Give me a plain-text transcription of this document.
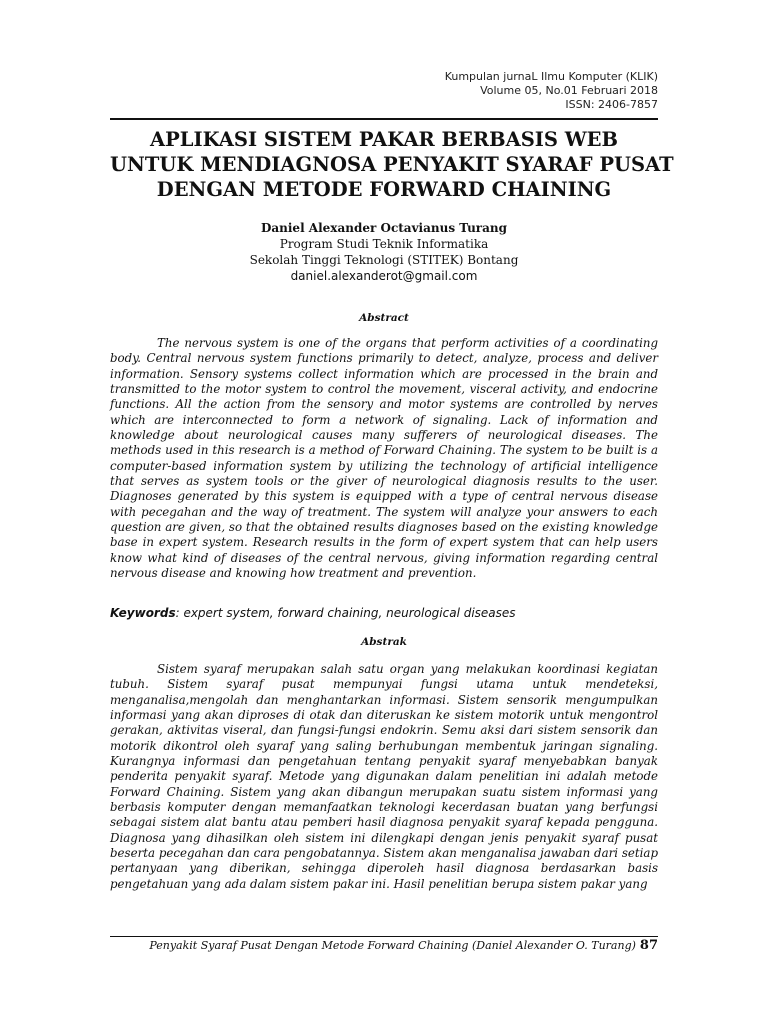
Kumpulan jurnaL Ilmu Komputer (KLIK)
Volume 05, No.01 Februari 2018
ISSN: 2406-7857
APLIKASI SISTEM PAKAR BERBASIS WEB
UNTUK MENDIAGNOSA PENYAKIT SYARAF PUSAT
DENGAN METODE FORWARD CHAINING
Daniel Alexander Octavianus Turang
Program Studi Teknik Informatika
Sekolah Tinggi Teknologi (STITEK) Bontang
daniel.alexanderot@gmail.com
Abstract
The nervous system is one of the organs that perform activities of a coordinating body. Central nervous system functions primarily to detect, analyze, process and deliver information. Sensory systems collect information which are processed in the brain and transmitted to the motor system to control the movement, visceral activity, and endocrine functions. All the action from the sensory and motor systems are controlled by nerves which are interconnected to form a network of signaling. Lack of information and knowledge about neurological causes many sufferers of neurological diseases. The methods used in this research is a method of Forward Chaining. The system to be built is a computer-based information system by utilizing the technology of artificial intelligence that serves as system tools or the giver of neurological diagnosis results to the user. Diagnoses generated by this system is equipped with a type of central nervous disease with pecegahan and the way of treatment. The system will analyze your answers to each question are given, so that the obtained results diagnoses based on the existing knowledge base in expert system. Research results in the form of expert system that can help users know what kind of diseases of the central nervous, giving information regarding central nervous disease and knowing how treatment and prevention.
Keywords: expert system, forward chaining, neurological diseases
Abstrak
Sistem syaraf merupakan salah satu organ yang melakukan koordinasi kegiatan tubuh. Sistem syaraf pusat mempunyai fungsi utama untuk mendeteksi, menganalisa,mengolah dan menghantarkan informasi. Sistem sensorik mengumpulkan informasi yang akan diproses di otak dan diteruskan ke sistem motorik untuk mengontrol gerakan, aktivitas viseral, dan fungsi-fungsi endokrin. Semu aksi dari sistem sensorik dan motorik dikontrol oleh syaraf yang saling berhubungan membentuk jaringan signaling. Kurangnya informasi dan pengetahuan tentang penyakit syaraf menyebabkan banyak penderita penyakit syaraf. Metode yang digunakan dalam penelitian ini adalah metode Forward Chaining. Sistem yang akan dibangun merupakan suatu sistem informasi yang berbasis komputer dengan memanfaatkan teknologi kecerdasan buatan yang berfungsi sebagai sistem alat bantu atau pemberi hasil diagnosa penyakit syaraf kepada pengguna. Diagnosa yang dihasilkan oleh sistem ini dilengkapi dengan jenis penyakit syaraf pusat beserta pecegahan dan cara pengobatannya. Sistem akan menganalisa jawaban dari setiap pertanyaan yang diberikan, sehingga diperoleh hasil diagnosa berdasarkan basis pengetahuan yang ada dalam sistem pakar ini. Hasil penelitian berupa sistem pakar yang
Penyakit Syaraf Pusat Dengan Metode Forward Chaining (Daniel Alexander O. Turang) 87
